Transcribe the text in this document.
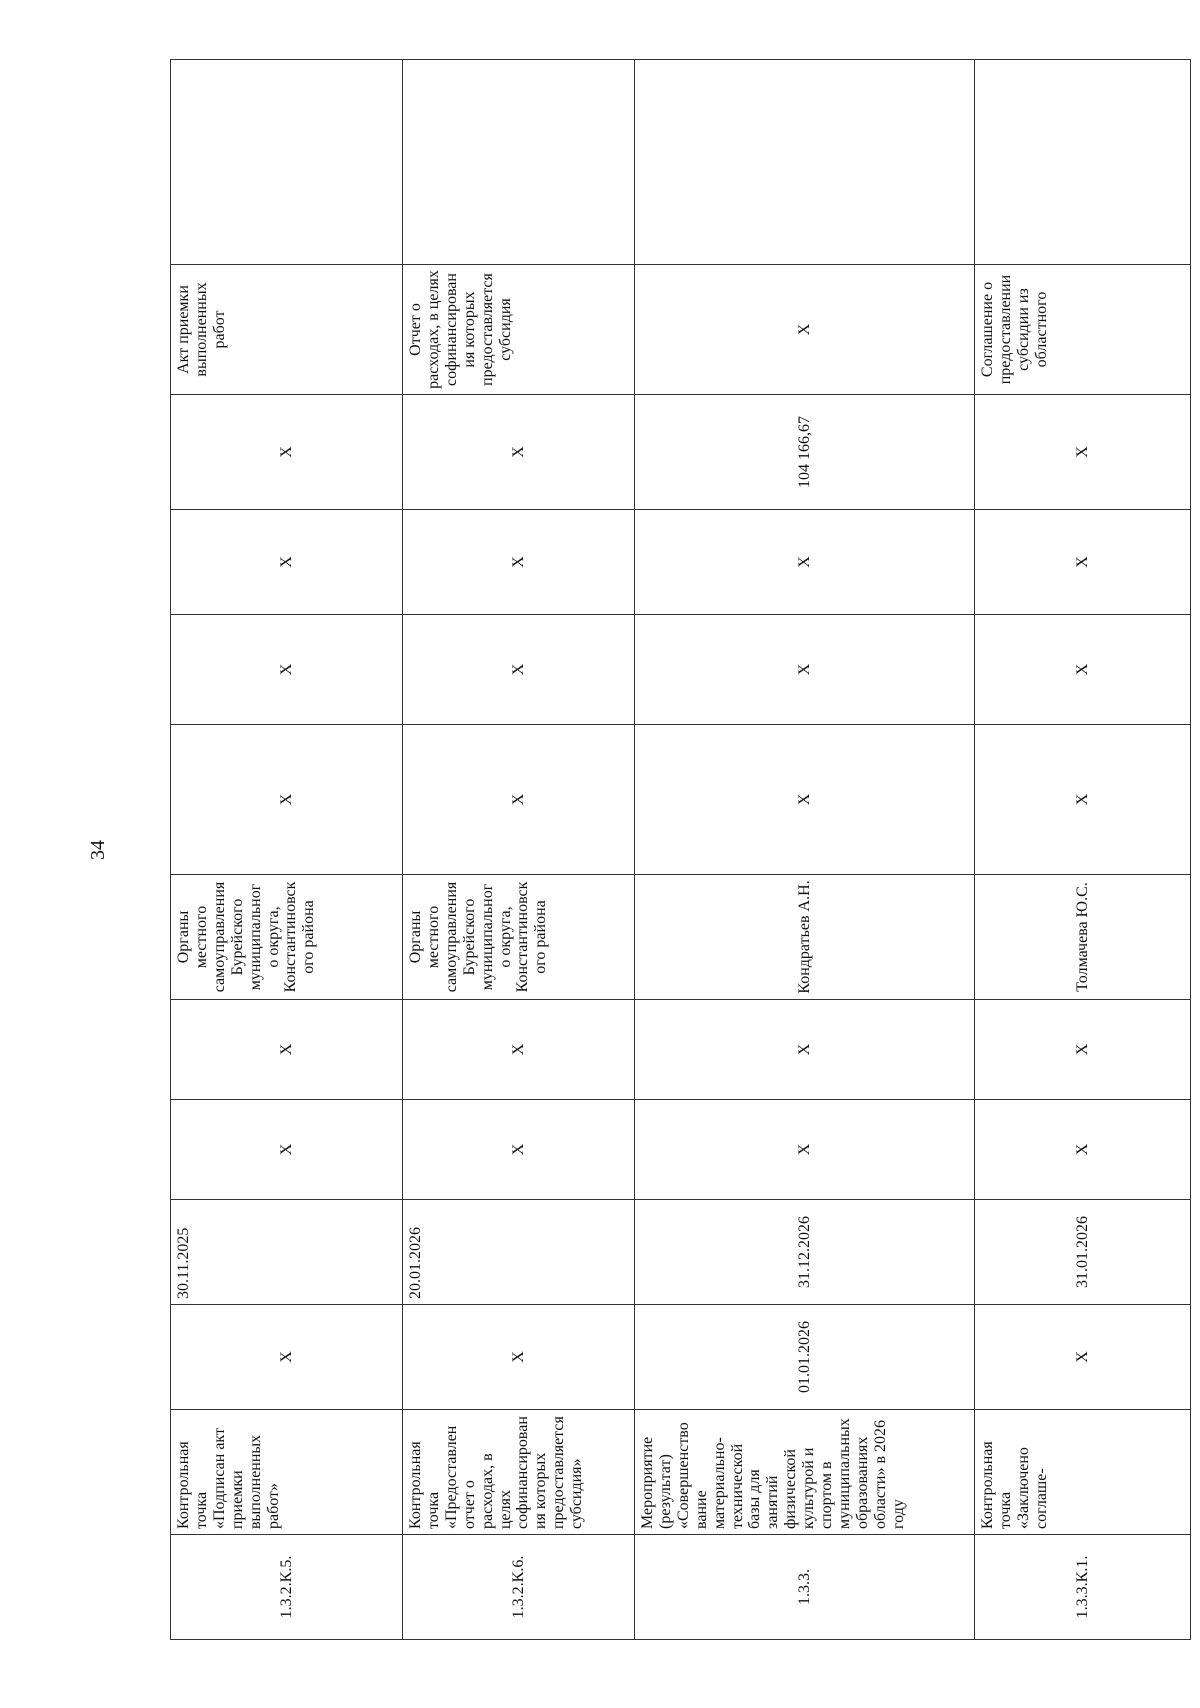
34
1.3.2.К.5.	Контрольная точка «Подписан акт приемки выполненных работ»	X	30.11.2025	X	X	Органы местного самоуправления Бурейского муниципального округа, Константиновского района	X	X	X	X	Акт приемки выполненных работ	
1.3.2.К.6.	Контрольная точка «Предоставлен отчет о расходах, в целях софинансирования которых предоставляется субсидия»	X	20.01.2026	X	X	Органы местного самоуправления Бурейского муниципального округа, Константиновского района	X	X	X	X	Отчет о расходах, в целях софинансирования которых предоставляется субсидия	
1.3.3.	Мероприятие (результат) «Совершенствование материально-технической базы для занятий физической культурой и спортом в муниципальных образованиях области» в 2026 году	01.01.2026	31.12.2026	X	X	Кондратьев А.Н.	X	X	X	104 166,67	X	
1.3.3.К.1.	Контрольная точка «Заключено соглаше-	X	31.01.2026	X	X	Толмачева Ю.С.	X	X	X	X	Соглашение о предоставлении субсидии из областного	
